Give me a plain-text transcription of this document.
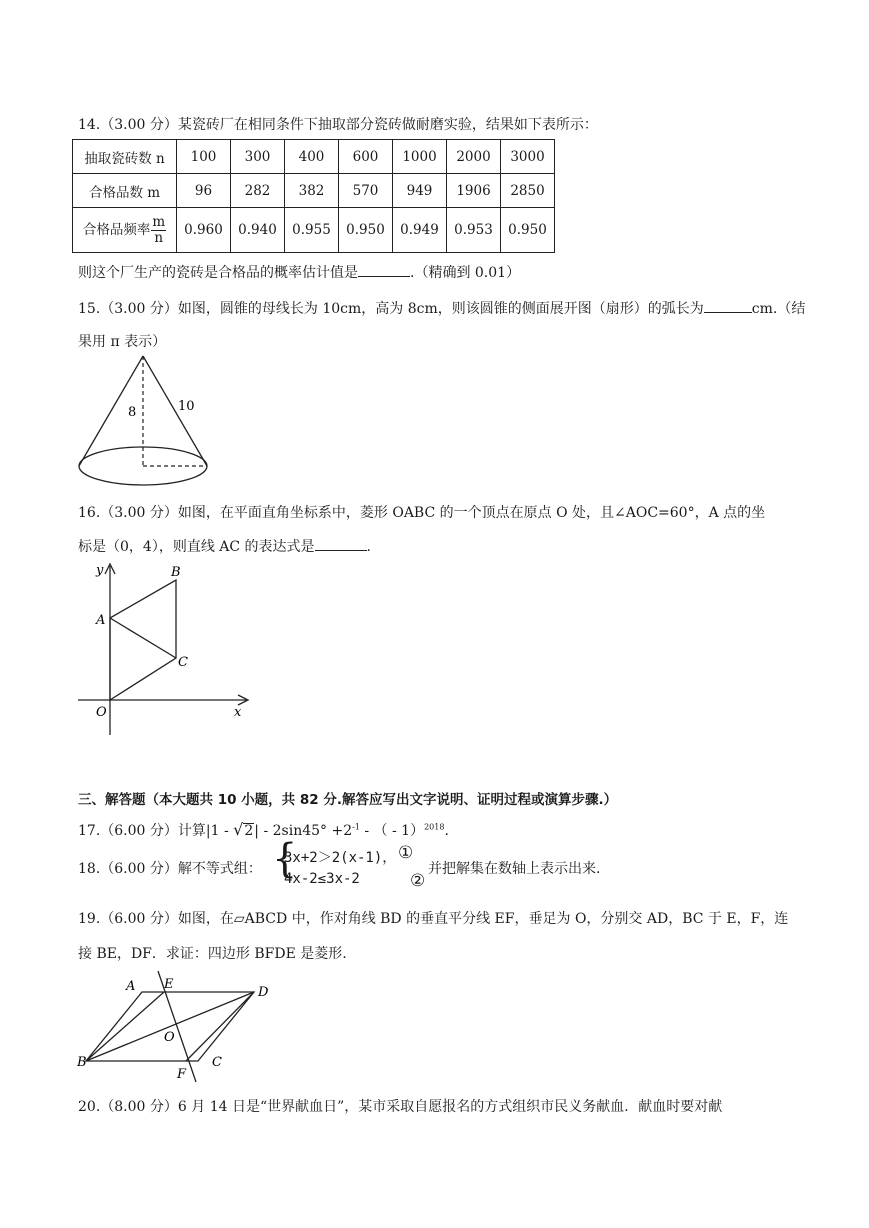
14.（3.00 分）某瓷砖厂在相同条件下抽取部分瓷砖做耐磨实验，结果如下表所示：
抽取瓷砖数 n	100	300	400	600	1000	2000	3000
合格品数 m	96	282	382	570	949	1906	2850
合格品频率 $\frac{m}{n}$	0.960	0.940	0.955	0.950	0.949	0.953	0.950
则这个厂生产的瓷砖是合格品的概率估计值是	.（精确到 0.01）
15.（3.00 分）如图，圆锥的母线长为 10cm，高为 8cm，则该圆锥的侧面展开图（扇形）的弧长为	cm.（结
果用 π 表示）
8	10
16.（3.00 分）如图，在平面直角坐标系中，菱形 OABC 的一个顶点在原点 O 处，且∠AOC=60°，A 点的坐
标是（0，4），则直线 AC 的表达式是	.
y
x
O
A
B
C
三、解答题（本大题共 10 小题，共 82 分.解答应写出文字说明、证明过程或演算步骤.）
17.（6.00 分）计算$|1 - √2| - 2\sin 45^\circ +2^{-1}$ - （ - 1）$^{2018}$.
18.（6.00 分）解不等式组： {
3x+2＞2(x-1)，
4x-2≤3x-2
①
②
并把解集在数轴上表示出来.
19.（6.00 分）如图，在▱ABCD 中，作对角线 BD 的垂直平分线 EF，垂足为 O，分别交 AD，BC 于 E，F，连
接 BE，DF．求证：四边形 BFDE 是菱形.
A E
D
O
B
F
C
20.（8.00 分）6 月 14 日是“世界献血日”，某市采取自愿报名的方式组织市民义务献血．献血时要对献
